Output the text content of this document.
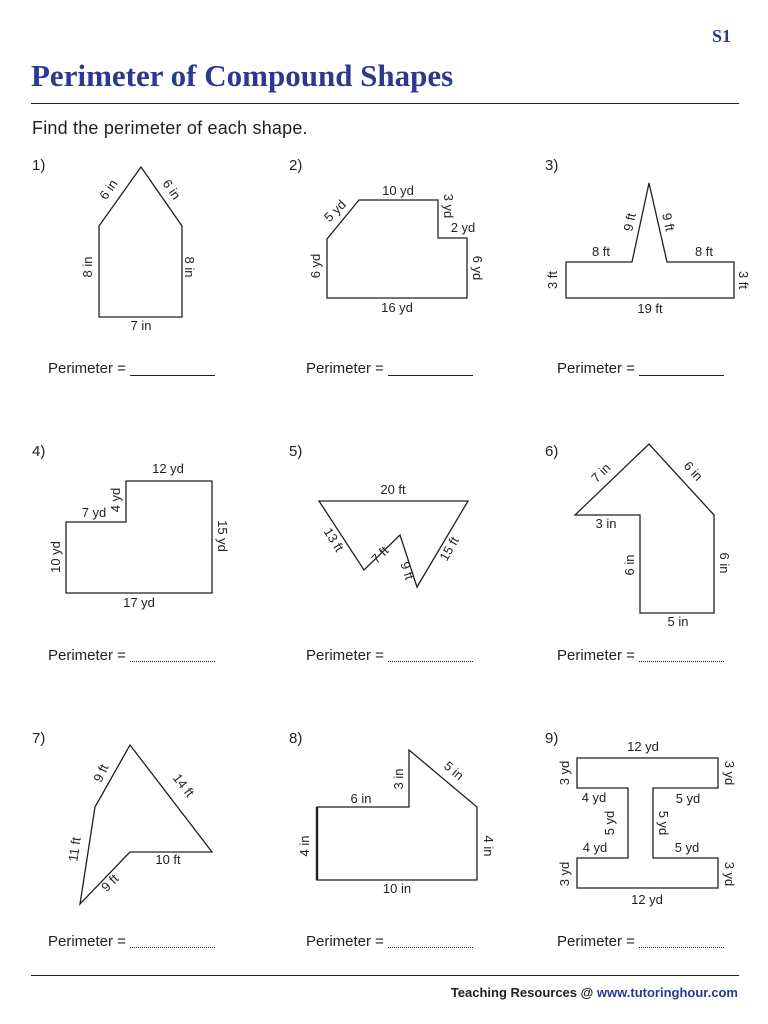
S1
Perimeter of Compound Shapes
Find the perimeter of each shape.
1)	2)	3)
4)	5)	6)
7)	8)	9)
Perimeter =	Perimeter =	Perimeter =
Perimeter =	Perimeter =	Perimeter =
Perimeter =	Perimeter =	Perimeter =
6 in	6 in
8 in	8 in
7 in
10 yd
5 yd	3 yd
2 yd
6 yd	6 yd
16 yd
9 ft 9 ft
8 ft	8 ft
3 ft	3 ft
19 ft
12 yd
7 yd
4 yd
10 yd
15 yd
17 yd
20 ft
13 ft
7 ft
9 ft
15 ft
7 in	6 in
3 in
6 in	6 in
5 in
9 ft	14 ft
11 ft	10 ft
9 ft
6 in
3 in	5 in
4 in	4 in
10 in
12 yd
3 yd	3 yd
4 yd	5 yd
5 yd	5 yd
4 yd	5 yd
3 yd	3 yd
12 yd
Teaching Resources @ www.tutoringhour.com
